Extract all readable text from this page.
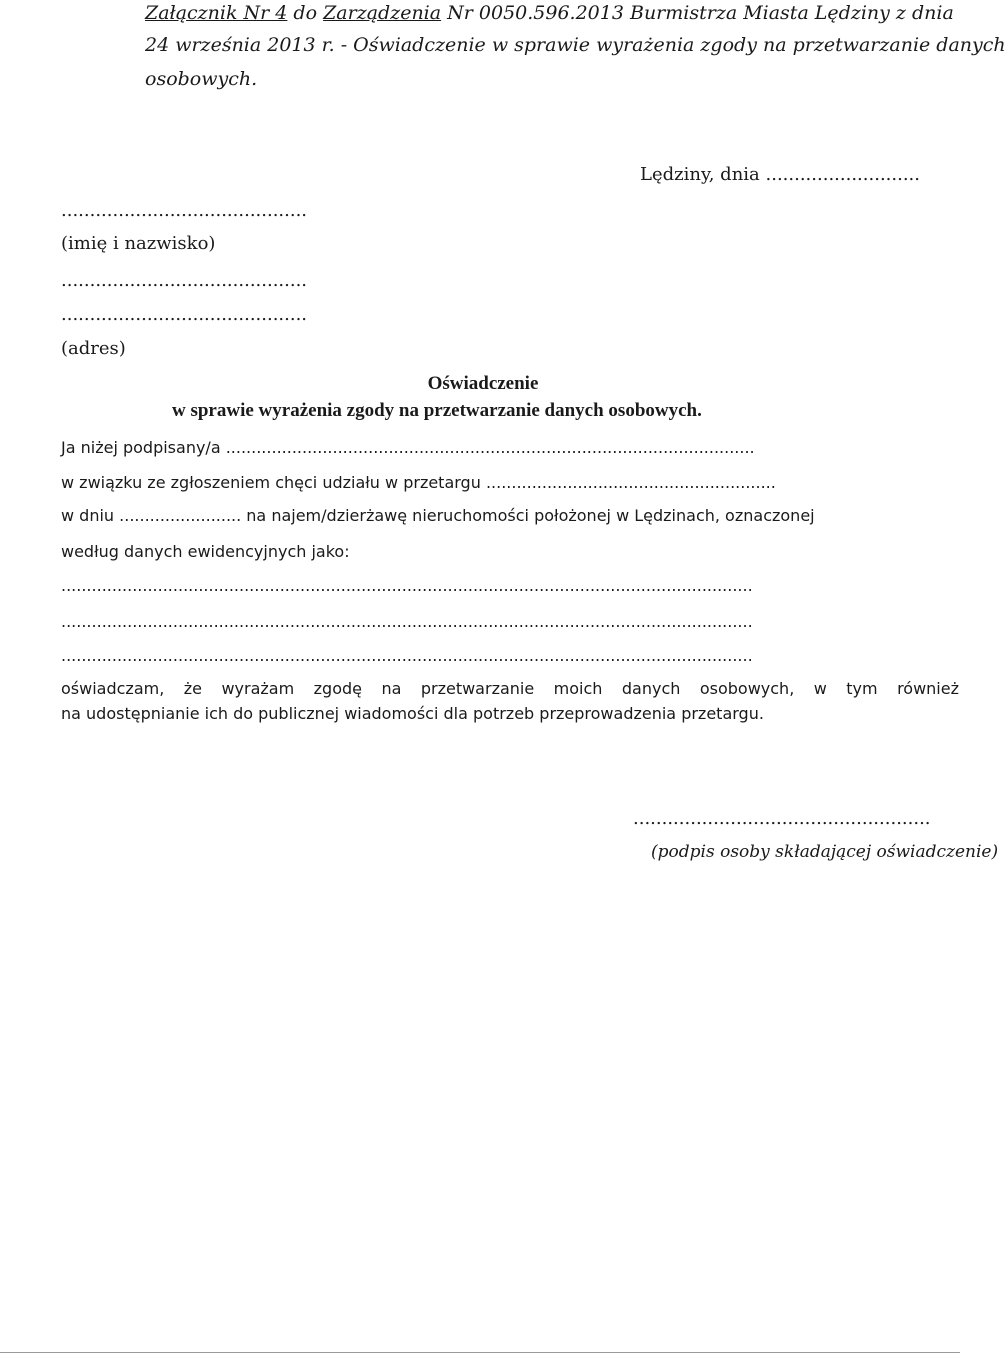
Załącznik Nr 4 do Zarządzenia Nr 0050.596.2013 Burmistrza Miasta Lędziny z dnia
24 września 2013 r. - Oświadczenie w sprawie wyrażenia zgody na przetwarzanie danych
osobowych.
Lędziny, dnia ...........................
...........................................
(imię i nazwisko)
...........................................
...........................................
(adres)
Oświadczenie
w sprawie wyrażenia zgody na przetwarzanie danych osobowych.
Ja niżej podpisany/a ........................................................................................................
w związku ze zgłoszeniem chęci udziału w przetargu .........................................................
w dniu ........................ na najem/dzierżawę nieruchomości położonej w Lędzinach, oznaczonej
według danych ewidencyjnych jako:
........................................................................................................................................
........................................................................................................................................
........................................................................................................................................
oświadczam, że wyrażam zgodę na przetwarzanie moich danych osobowych, w tym również
na udostępnianie ich do publicznej wiadomości dla potrzeb przeprowadzenia przetargu.
....................................................
(podpis osoby składającej oświadczenie)
